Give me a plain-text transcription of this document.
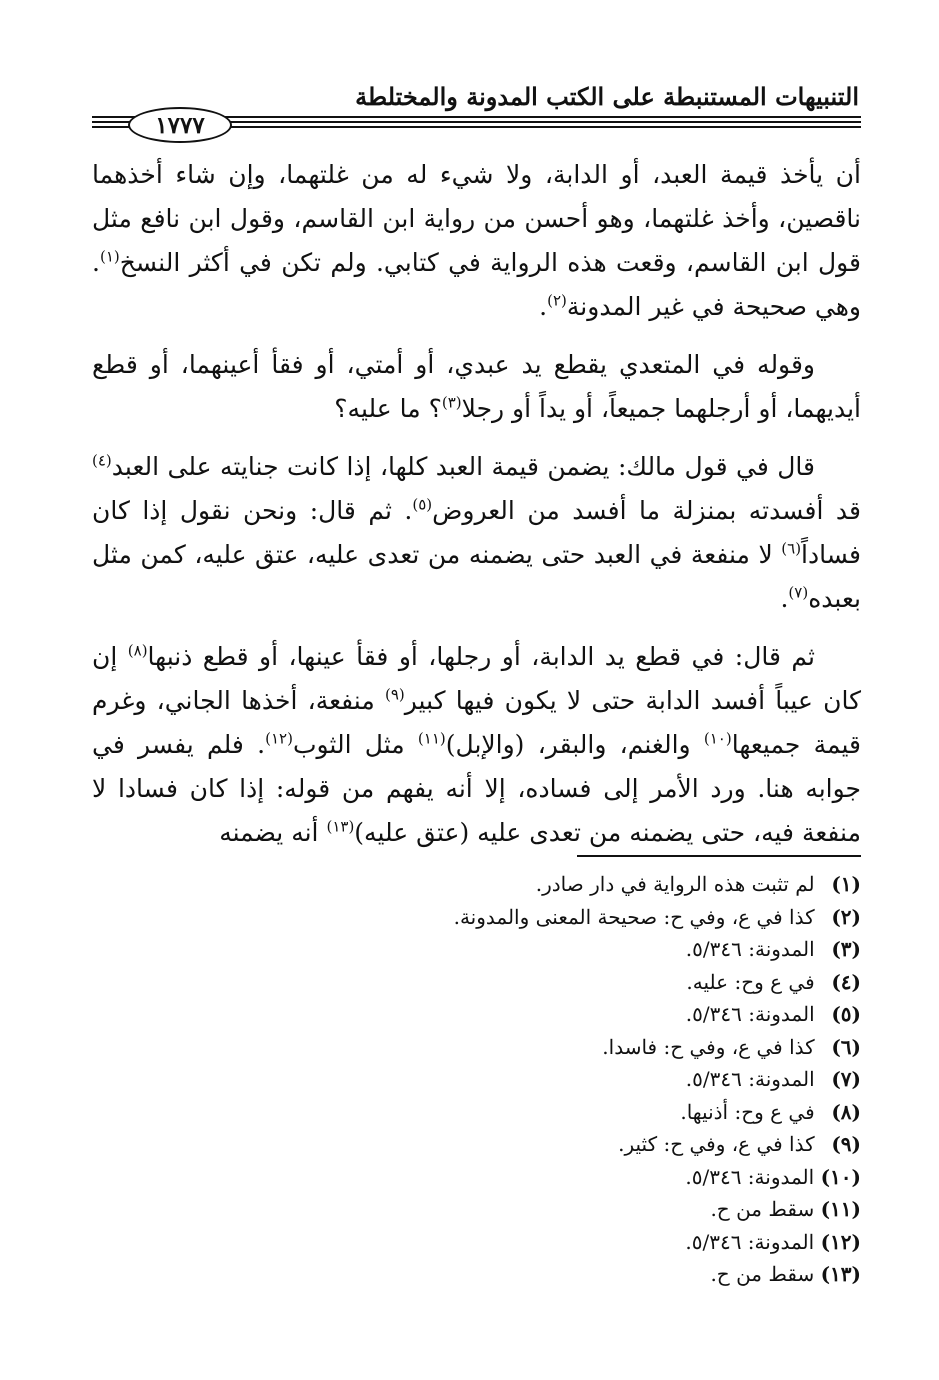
التنبيهات المستنبطة على الكتب المدونة والمختلطة
١٧٧٧

أن يأخذ قيمة العبد، أو الدابة، ولا شيء له من غلتهما، وإن شاء أخذهما ناقصين، وأخذ غلتهما، وهو أحسن من رواية ابن القاسم، وقول ابن نافع مثل قول ابن القاسم، وقعت هذه الرواية في كتابي. ولم تكن في أكثر النسخ$^{(١)}$. وهي صحيحة في غير المدونة$^{(٢)}$.

وقوله في المتعدي يقطع يد عبدي، أو أمتي، أو فقأ أعينهما، أو قطع أيديهما، أو أرجلهما جميعاً، أو يداً أو رجلا$^{(٣)}$؟ ما عليه؟

قال في قول مالك: يضمن قيمة العبد كلها، إذا كانت جنايته على العبد$^{(٤)}$ قد أفسدته بمنزلة ما أفسد من العروض$^{(٥)}$. ثم قال: ونحن نقول إذا كان فساداً$^{(٦)}$ لا منفعة في العبد حتى يضمنه من تعدى عليه، عتق عليه، كمن مثل بعبده$^{(٧)}$.

ثم قال: في قطع يد الدابة، أو رجلها، أو فقأ عينها، أو قطع ذنبها$^{(٨)}$ إن كان عيباً أفسد الدابة حتى لا يكون فيها كبير$^{(٩)}$ منفعة، أخذها الجاني، وغرم قيمة جميعها$^{(١٠)}$ والغنم، والبقر، (والإبل)$^{(١١)}$ مثل الثوب$^{(١٢)}$. فلم يفسر في جوابه هنا. ورد الأمر إلى فساده، إلا أنه يفهم من قوله: إذا كان فسادا لا منفعة فيه، حتى يضمنه من تعدى عليه (عتق عليه)$^{(١٣)}$ أنه يضمنه

(١) لم تثبت هذه الرواية في دار صادر.
(٢) كذا في ع، وفي ح: صحيحة المعنى والمدونة.
(٣) المدونة: ٥/٣٤٦.
(٤) في ع وح: عليه.
(٥) المدونة: ٥/٣٤٦.
(٦) كذا في ع، وفي ح: فاسدا.
(٧) المدونة: ٥/٣٤٦.
(٨) في ع وح: أذنيها.
(٩) كذا في ع، وفي ح: كثير.
(١٠) المدونة: ٥/٣٤٦.
(١١) سقط من ح.
(١٢) المدونة: ٥/٣٤٦.
(١٣) سقط من ح.
